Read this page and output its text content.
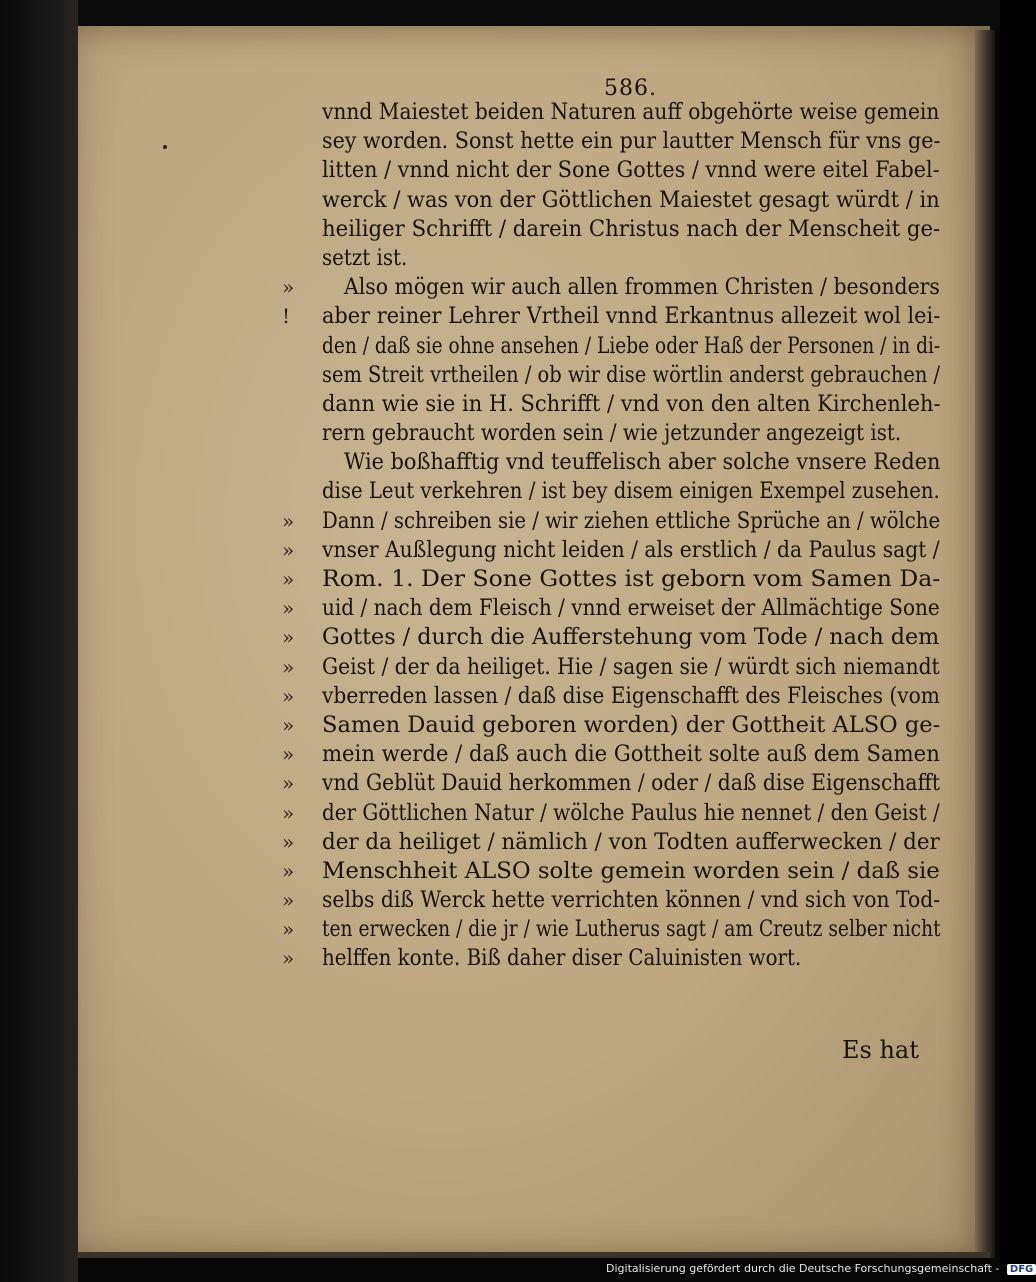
586.
vnnd Maiestet beiden Naturen auff obgehörte weise gemein
sey worden. Sonst hette ein pur lautter Mensch für vns ge-
litten / vnnd nicht der Sone Gottes / vnnd were eitel Fabel-
werck / was von der Göttlichen Maiestet gesagt würdt / in
heiliger Schrifft / darein Christus nach der Menscheit ge-
setzt ist.
»	Also mögen wir auch allen frommen Christen / besonders
!	aber reiner Lehrer Vrtheil vnnd Erkantnus allezeit wol lei-
den / daß sie ohne ansehen / Liebe oder Haß der Personen / in di-
sem Streit vrtheilen / ob wir dise wörtlin anderst gebrauchen /
dann wie sie in H. Schrifft / vnd von den alten Kirchenleh-
rern gebraucht worden sein / wie jetzunder angezeigt ist.
Wie boßhafftig vnd teuffelisch aber solche vnsere Reden
dise Leut verkehren / ist bey disem einigen Exempel zusehen.
»	Dann / schreiben sie / wir ziehen ettliche Sprüche an / wölche
»	vnser Außlegung nicht leiden / als erstlich / da Paulus sagt /
»	Rom. 1. Der Sone Gottes ist geborn vom Samen Da-
»	uid / nach dem Fleisch / vnnd erweiset der Allmächtige Sone
»	Gottes / durch die Aufferstehung vom Tode / nach dem
»	Geist / der da heiliget. Hie / sagen sie / würdt sich niemandt
»	vberreden lassen / daß dise Eigenschafft des Fleisches (vom
»	Samen Dauid geboren worden) der Gottheit ALSO ge-
»	mein werde / daß auch die Gottheit solte auß dem Samen
»	vnd Geblüt Dauid herkommen / oder / daß dise Eigenschafft
»	der Göttlichen Natur / wölche Paulus hie nennet / den Geist /
»	der da heiliget / nämlich / von Todten aufferwecken / der
»	Menschheit ALSO solte gemein worden sein / daß sie
»	selbs diß Werck hette verrichten können / vnd sich von Tod-
»	ten erwecken / die jr / wie Lutherus sagt / am Creutz selber nicht
»	helffen konte. Biß daher diser Caluinisten wort.
Es hat
Digitalisierung gefördert durch die Deutsche Forschungsgemeinschaft - DFG
